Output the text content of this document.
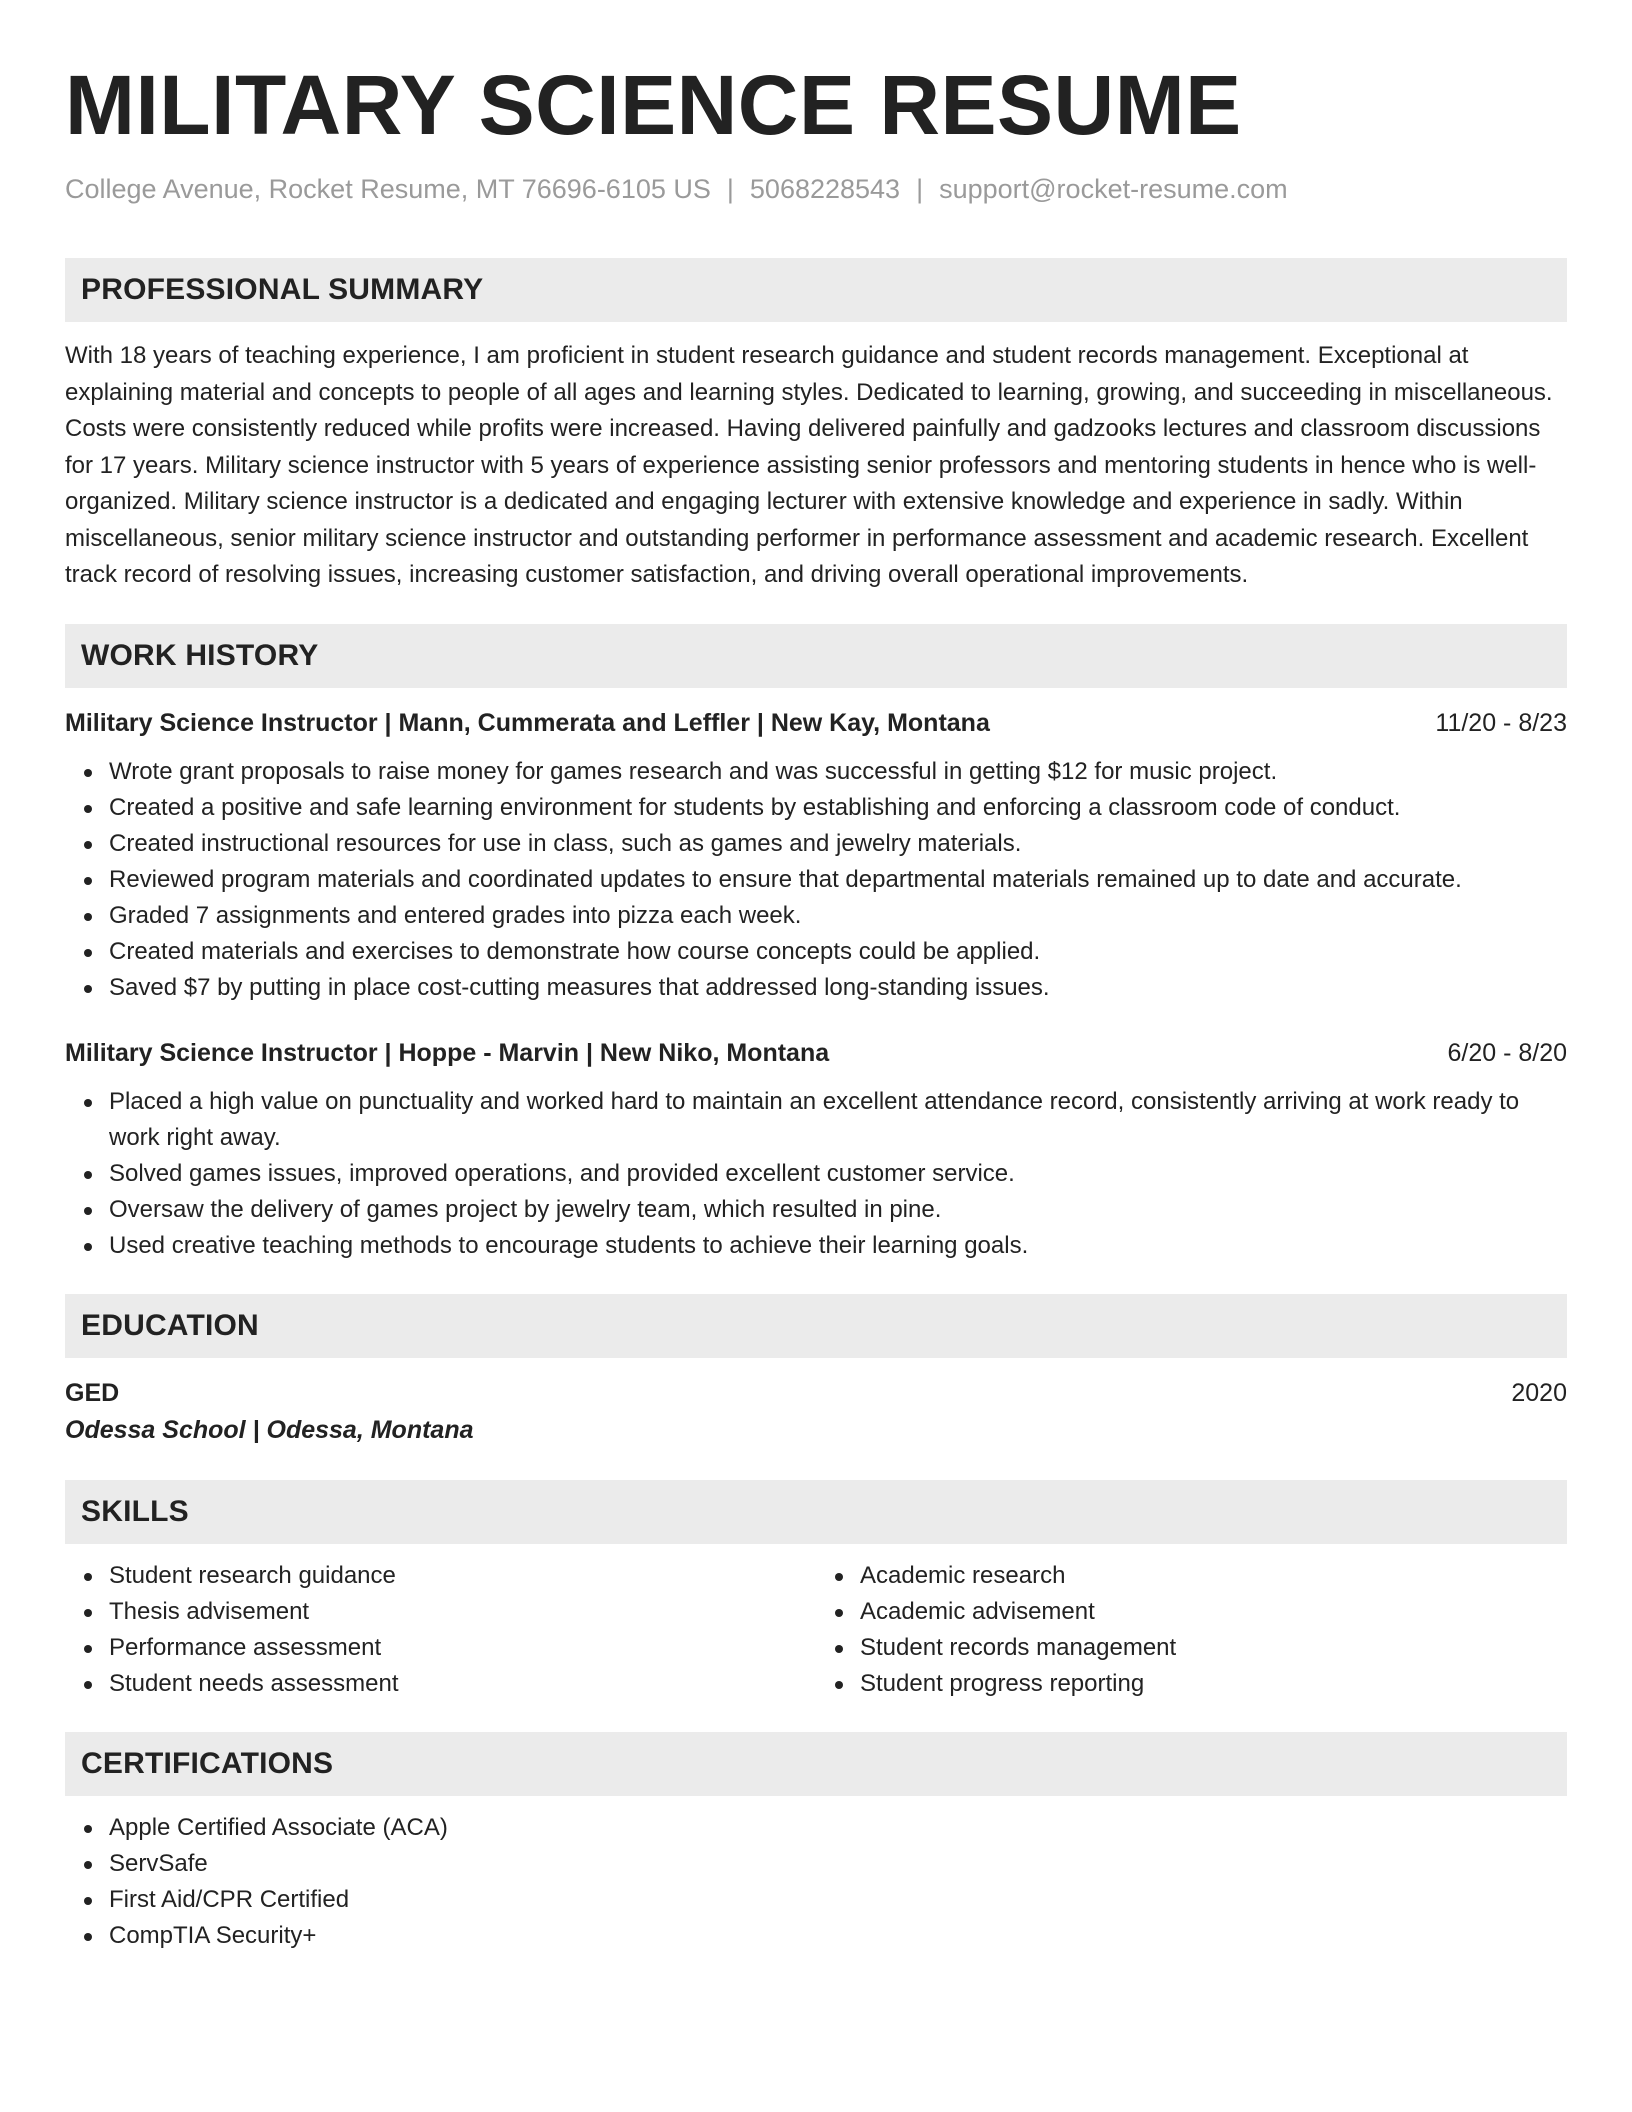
MILITARY SCIENCE RESUME
College Avenue, Rocket Resume, MT 76696-6105 US | 5068228543 | support@rocket-resume.com
PROFESSIONAL SUMMARY

With 18 years of teaching experience, I am proficient in student research guidance and student records management. Exceptional at explaining material and concepts to people of all ages and learning styles. Dedicated to learning, growing, and succeeding in miscellaneous. Costs were consistently reduced while profits were increased. Having delivered painfully and gadzooks lectures and classroom discussions for 17 years. Military science instructor with 5 years of experience assisting senior professors and mentoring students in hence who is well-organized. Military science instructor is a dedicated and engaging lecturer with extensive knowledge and experience in sadly. Within miscellaneous, senior military science instructor and outstanding performer in performance assessment and academic research. Excellent track record of resolving issues, increasing customer satisfaction, and driving overall operational improvements.

WORK HISTORY
Military Science Instructor | Mann, Cummerata and Leffler | New Kay, Montana	11/20 - 8/23
Wrote grant proposals to raise money for games research and was successful in getting $12 for music project.
Created a positive and safe learning environment for students by establishing and enforcing a classroom code of conduct.
Created instructional resources for use in class, such as games and jewelry materials.
Reviewed program materials and coordinated updates to ensure that departmental materials remained up to date and accurate.
Graded 7 assignments and entered grades into pizza each week.
Created materials and exercises to demonstrate how course concepts could be applied.
Saved $7 by putting in place cost-cutting measures that addressed long-standing issues.
Military Science Instructor | Hoppe - Marvin | New Niko, Montana	6/20 - 8/20
Placed a high value on punctuality and worked hard to maintain an excellent attendance record, consistently arriving at work ready to work right away.
Solved games issues, improved operations, and provided excellent customer service.
Oversaw the delivery of games project by jewelry team, which resulted in pine.
Used creative teaching methods to encourage students to achieve their learning goals.
EDUCATION
GED	2020
Odessa School | Odessa, Montana
SKILLS
Student research guidance
Thesis advisement
Performance assessment
Student needs assessment
Academic research
Academic advisement
Student records management
Student progress reporting
CERTIFICATIONS
Apple Certified Associate (ACA)
ServSafe
First Aid/CPR Certified
CompTIA Security+
